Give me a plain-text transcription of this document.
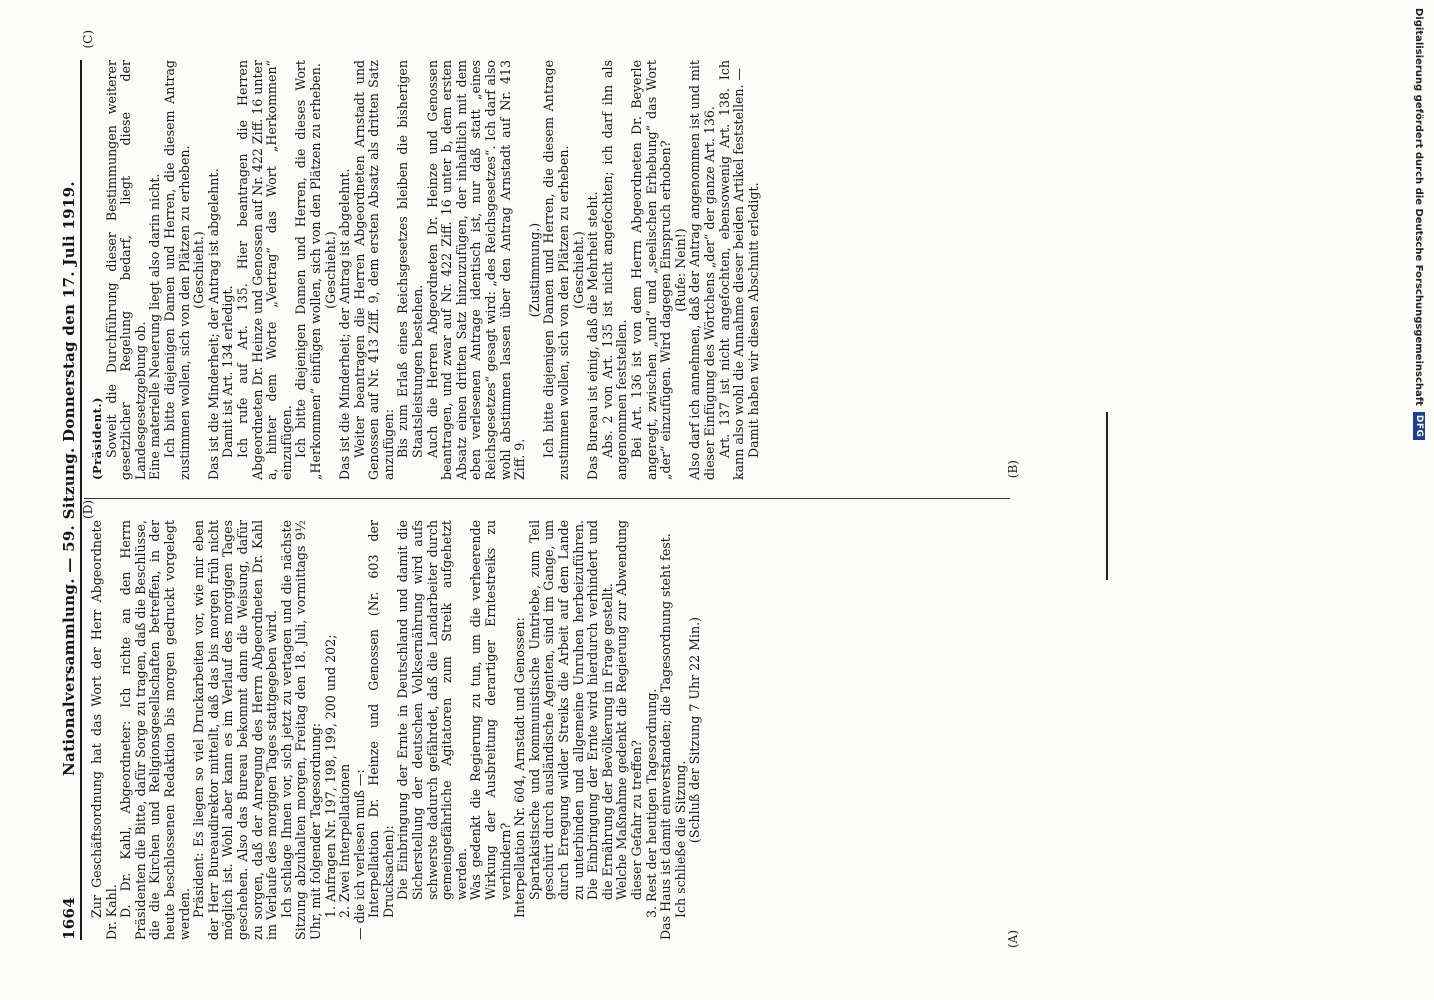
1664
Nationalversammlung. — 59. Sitzung. Donnerstag den 17. Juli 1919. (Präsident.) Soweit die Durchführung dieser Bestimmungen weiterer gesetzlicher Regelung bedarf, liegt diese der Landesgesetzgebung ob. Eine materielle Neuerung liegt also darin nicht. Ich bitte diejenigen Damen und Herren, die diesem Antrag zustimmen wollen, sich von den Plätzen zu erheben. (Geschieht.) Das ist die Minderheit; der Antrag ist abgelehnt. Damit ist Art. 134 erledigt. Ich rufe auf Art. 135. Hier beantragen die Herren Abgeordneten Dr. Heinze und Genossen auf Nr. 422 Ziff. 16 unter a, hinter dem Worte „Vertrag“ das Wort „Herkommen“ einzufügen. Ich bitte diejenigen Damen und Herren, die dieses Wort „Herkommen“ einfügen wollen, sich von den Plätzen zu erheben. (Geschieht.) Das ist die Minderheit; der Antrag ist abgelehnt. Weiter beantragen die Herren Abgeordneten Arnstadt und Genossen auf Nr. 413 Ziff. 9, dem ersten Absatz als dritten Satz anzufügen: Bis zum Erlaß eines Reichsgesetzes bleiben die bisherigen Staatsleistungen bestehen. Auch die Herren Abgeordneten Dr. Heinze und Genossen beantragen, und zwar auf Nr. 422 Ziff. 16 unter b, dem ersten Absatz einen dritten Satz hinzuzufügen, der inhaltlich mit dem eben verlesenen Antrage identisch ist, nur daß statt „eines Reichsgesetzes“ gesagt wird: „des Reichsgesetzes“. Ich darf also wohl abstimmen lassen über den Antrag Arnstadt auf Nr. 413 Ziff. 9.

(Zustimmung.) Ich bitte diejenigen Damen und Herren, die diesem Antrage zustimmen wollen, sich von den Plätzen zu erheben. (Geschieht.) Das Bureau ist einig, daß die Mehrheit steht. Abs. 2 von Art. 135 ist nicht angefochten; ich darf ihn als angenommen feststellen. Bei Art. 136 ist von dem Herrn Abgeordneten Dr. Beyerle angeregt, zwischen „und“ und „seelischen Erhebung“ das Wort „der“ einzufügen. Wird dagegen Einspruch erhoben? (Rufe: Nein!) Also darf ich annehmen, daß der Antrag angenommen ist und mit dieser Einfügung des Wörtchens „der“ der ganze Art. 136. Art. 137 ist nicht angefochten, ebensowenig Art. 138. Ich kann also wohl die Annahme dieser beiden Artikel feststellen. — Damit haben wir diesen Abschnitt erledigt.

Zur Geschäftsordnung hat das Wort der Herr Abgeordnete Dr. Kahl. D. Dr. Kahl, Abgeordneter: Ich richte an den Herrn Präsidenten die Bitte, dafür Sorge zu tragen, daß die Beschlüsse, die die Kirchen und Religionsgesellschaften betreffen, in der heute beschlossenen Redaktion bis morgen gedruckt vorgelegt werden. Präsident: Es liegen so viel Druckarbeiten vor, wie mir eben der Herr Bureaudirektor mitteilt, daß das bis morgen früh nicht möglich ist. Wohl aber kann es im Verlauf des morgigen Tages geschehen. Also das Bureau bekommt dann die Weisung, dafür zu sorgen, daß der Anregung des Herrn Abgeordneten Dr. Kahl im Verlaufe des morgigen Tages stattgegeben wird. Ich schlage Ihnen vor, sich jetzt zu vertagen und die nächste Sitzung abzuhalten morgen, Freitag den 18. Juli, vormittags 9½ Uhr, mit folgender Tagesordnung: 1. Anfragen Nr. 197, 198, 199, 200 und 202; 2. Zwei Interpellationen — die ich verlesen muß —: Interpellation Dr. Heinze und Genossen (Nr. 603 der Drucksachen): Die Einbringung der Ernte in Deutschland und damit die Sicherstellung der deutschen Volksernährung wird aufs schwerste dadurch gefährdet, daß die Landarbeiter durch gemeingefährliche Agitatoren zum Streik aufgehetzt werden. Was gedenkt die Regierung zu tun, um die verheerende Wirkung der Ausbreitung derartiger Erntestreiks zu verhindern? Interpellation Nr. 604, Arnstadt und Genossen: Spartakistische und kommunistische Umtriebe, zum Teil geschürt durch ausländische Agenten, sind im Gange, um durch Erregung wilder Streiks die Arbeit auf dem Lande zu unterbinden und allgemeine Unruhen herbeizuführen. Die Einbringung der Ernte wird hierdurch verhindert und die Ernährung der Bevölkerung in Frage gestellt. Welche Maßnahme gedenkt die Regierung zur Abwendung dieser Gefahr zu treffen? 3. Rest der heutigen Tagesordnung. Das Haus ist damit einverstanden; die Tagesordnung steht fest. Ich schließe die Sitzung. (Schluß der Sitzung 7 Uhr 22 Min.)

(A)
(B)
(C)
(D)
Digitalisierung gefördert durch die Deutsche Forschungsgemeinschaft
DFG
